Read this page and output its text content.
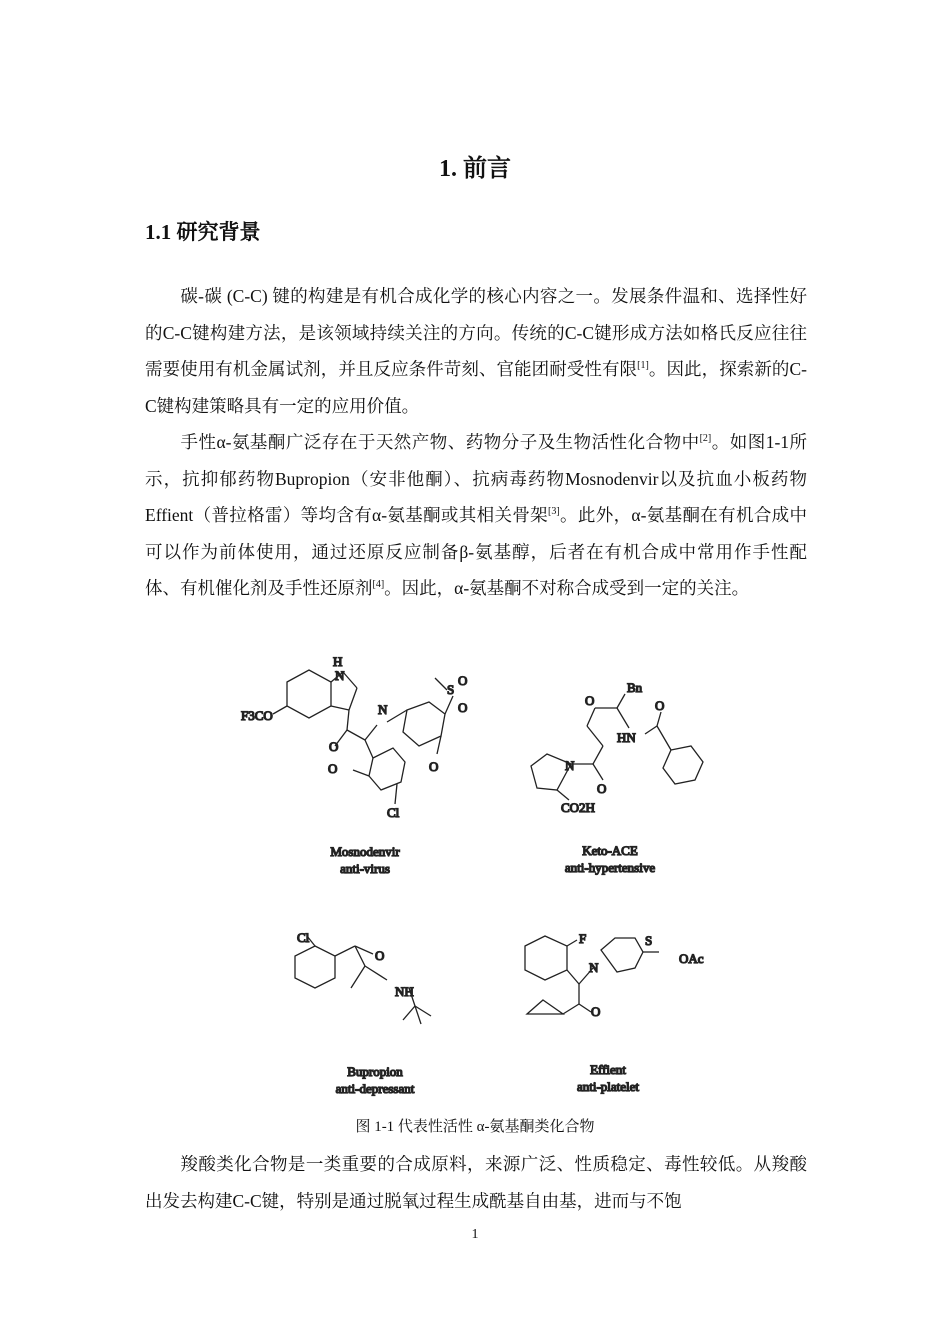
1. 前言
1.1 研究背景
碳-碳 (C-C) 键的构建是有机合成化学的核心内容之一。发展条件温和、选择性好的C-C键构建方法，是该领域持续关注的方向。传统的C-C键形成方法如格氏反应往往需要使用有机金属试剂，并且反应条件苛刻、官能团耐受性有限[1]。因此，探索新的C-C键构建策略具有一定的应用价值。
手性α-氨基酮广泛存在于天然产物、药物分子及生物活性化合物中[2]。如图1-1所示，抗抑郁药物Bupropion（安非他酮）、抗病毒药物Mosnodenvir以及抗血小板药物Effient（普拉格雷）等均含有α-氨基酮或其相关骨架[3]。此外，α-氨基酮在有机合成中可以作为前体使用，通过还原反应制备β-氨基醇，后者在有机合成中常用作手性配体、有机催化剂及手性还原剂[4]。因此，α-氨基酮不对称合成受到一定的关注。
H
N
F3CO
O
N
O
Cl
S
O
O
O
O
Bn
HN
O
N
O
CO2H
Cl
O
NH
F
N
S
OAc
O
Mosnodenvir
anti-virus
Keto-ACE
anti-hypertensive
Bupropion
anti-depressant
Effient
anti-platelet
图 1-1 代表性活性 α-氨基酮类化合物
羧酸类化合物是一类重要的合成原料，来源广泛、性质稳定、毒性较低。从羧酸出发去构建C-C键，特别是通过脱氧过程生成酰基自由基，进而与不饱
1
